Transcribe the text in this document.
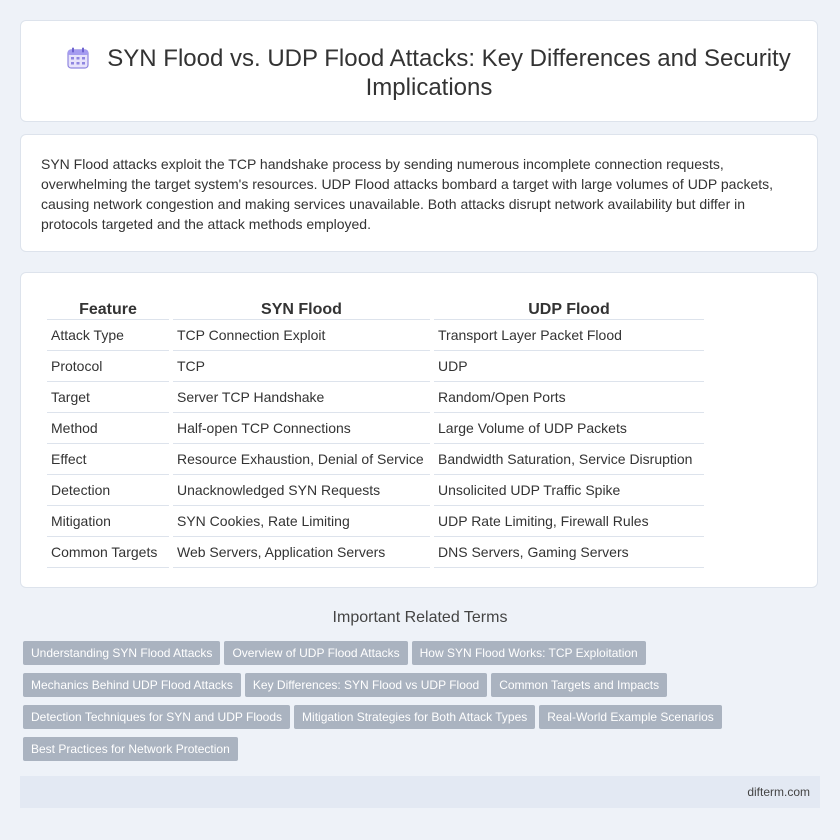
SYN Flood vs. UDP Flood Attacks: Key Differences and Security Implications

SYN Flood attacks exploit the TCP handshake process by sending numerous incomplete connection requests, overwhelming the target system's resources. UDP Flood attacks bombard a target with large volumes of UDP packets, causing network congestion and making services unavailable. Both attacks disrupt network availability but differ in protocols targeted and the attack methods employed.

Feature	SYN Flood	UDP Flood
Attack Type	TCP Connection Exploit	Transport Layer Packet Flood
Protocol	TCP	UDP
Target	Server TCP Handshake	Random/Open Ports
Method	Half-open TCP Connections	Large Volume of UDP Packets
Effect	Resource Exhaustion, Denial of Service	Bandwidth Saturation, Service Disruption
Detection	Unacknowledged SYN Requests	Unsolicited UDP Traffic Spike
Mitigation	SYN Cookies, Rate Limiting	UDP Rate Limiting, Firewall Rules
Common Targets	Web Servers, Application Servers	DNS Servers, Gaming Servers
Important Related Terms
Understanding SYN Flood Attacks Overview of UDP Flood Attacks How SYN Flood Works: TCP ExploitationMechanics Behind UDP Flood Attacks Key Differences: SYN Flood vs UDP Flood Common Targets and ImpactsDetection Techniques for SYN and UDP Floods Mitigation Strategies for Both Attack Types Real-World Example ScenariosBest Practices for Network Protection
difterm.com
